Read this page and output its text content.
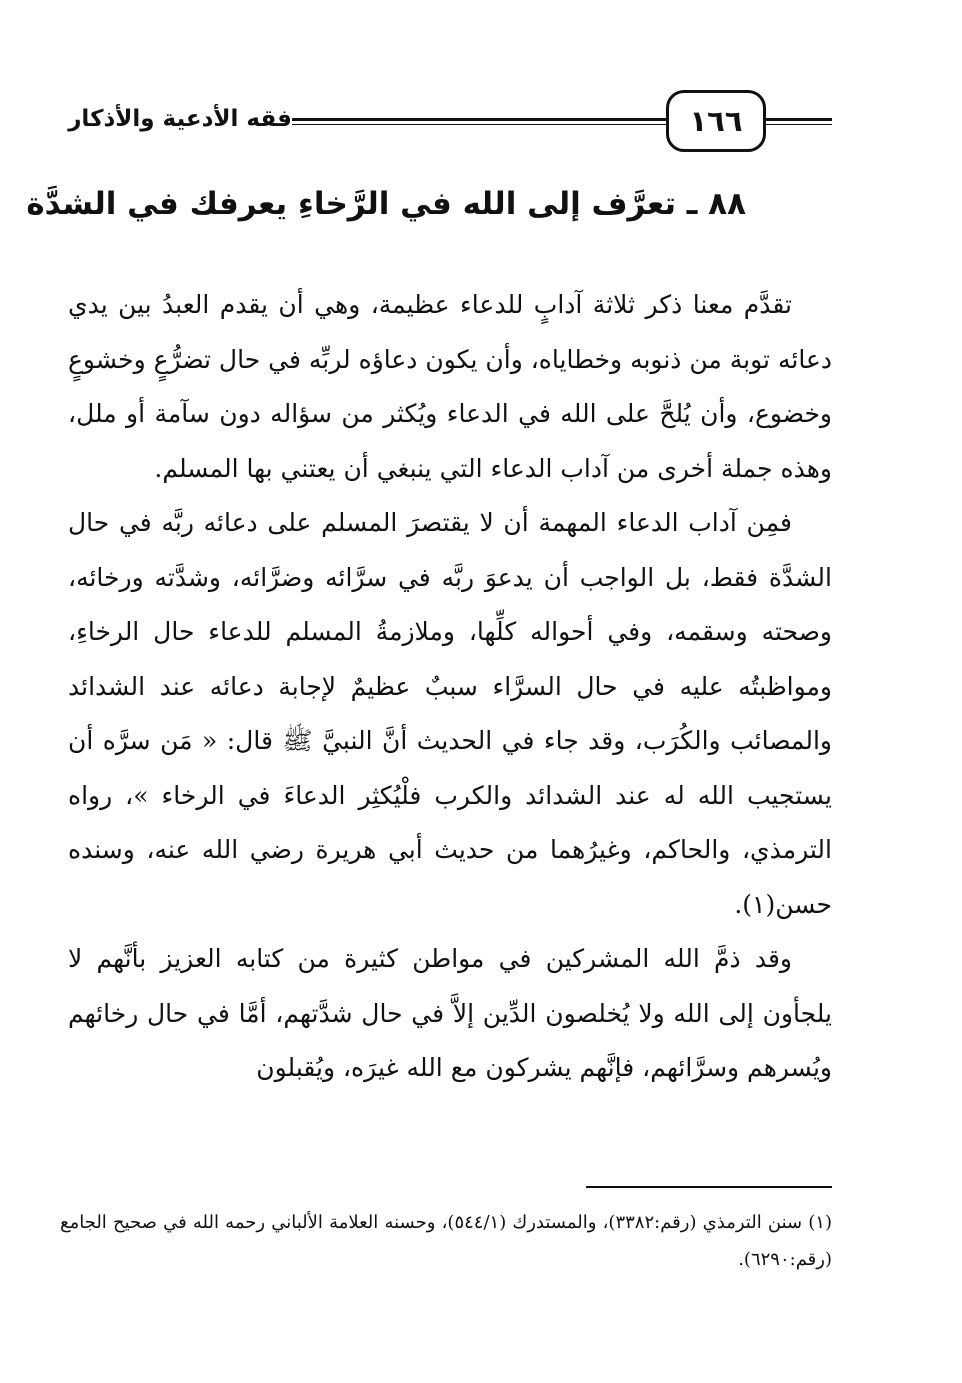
فقه الأدعية والأذكار	١٦٦
٨٨ ـ تعرَّف إلى الله في الرَّخاءِ يعرفك في الشدَّة

تقدَّم معنا ذكر ثلاثة آدابٍ للدعاء عظيمة، وهي أن يقدم العبدُ بين يدي دعائه توبة من ذنوبه وخطاياه، وأن يكون دعاؤه لربِّه في حال تضرُّعٍ وخشوعٍ وخضوع، وأن يُلحَّ على الله في الدعاء ويُكثر من سؤاله دون سآمة أو ملل، وهذه جملة أخرى من آداب الدعاء التي ينبغي أن يعتني بها المسلم.

فمِن آداب الدعاء المهمة أن لا يقتصرَ المسلم على دعائه ربَّه في حال الشدَّة فقط، بل الواجب أن يدعوَ ربَّه في سرَّائه وضرَّائه، وشدَّته ورخائه، وصحته وسقمه، وفي أحواله كلِّها، وملازمةُ المسلم للدعاء حال الرخاءِ، ومواظبتُه عليه في حال السرَّاء سببٌ عظيمٌ لإجابة دعائه عند الشدائد والمصائب والكُرَب، وقد جاء في الحديث أنَّ النبيَّ ﷺ قال: « مَن سرَّه أن يستجيب الله له عند الشدائد والكرب فلْيُكثِر الدعاءَ في الرخاء »، رواه الترمذي، والحاكم، وغيرُهما من حديث أبي هريرة رضي الله عنه، وسنده حسن(١).

وقد ذمَّ الله المشركين في مواطن كثيرة من كتابه العزيز بأنَّهم لا يلجأون إلى الله ولا يُخلصون الدِّين إلاَّ في حال شدَّتهم، أمَّا في حال رخائهم ويُسرهم وسرَّائهم، فإنَّهم يشركون مع الله غيرَه، ويُقبلون

(١) سنن الترمذي (رقم:٣٣٨٢)، والمستدرك (٥٤٤/١)، وحسنه العلامة الألباني رحمه الله في صحيح الجامع (رقم:٦٢٩٠).
